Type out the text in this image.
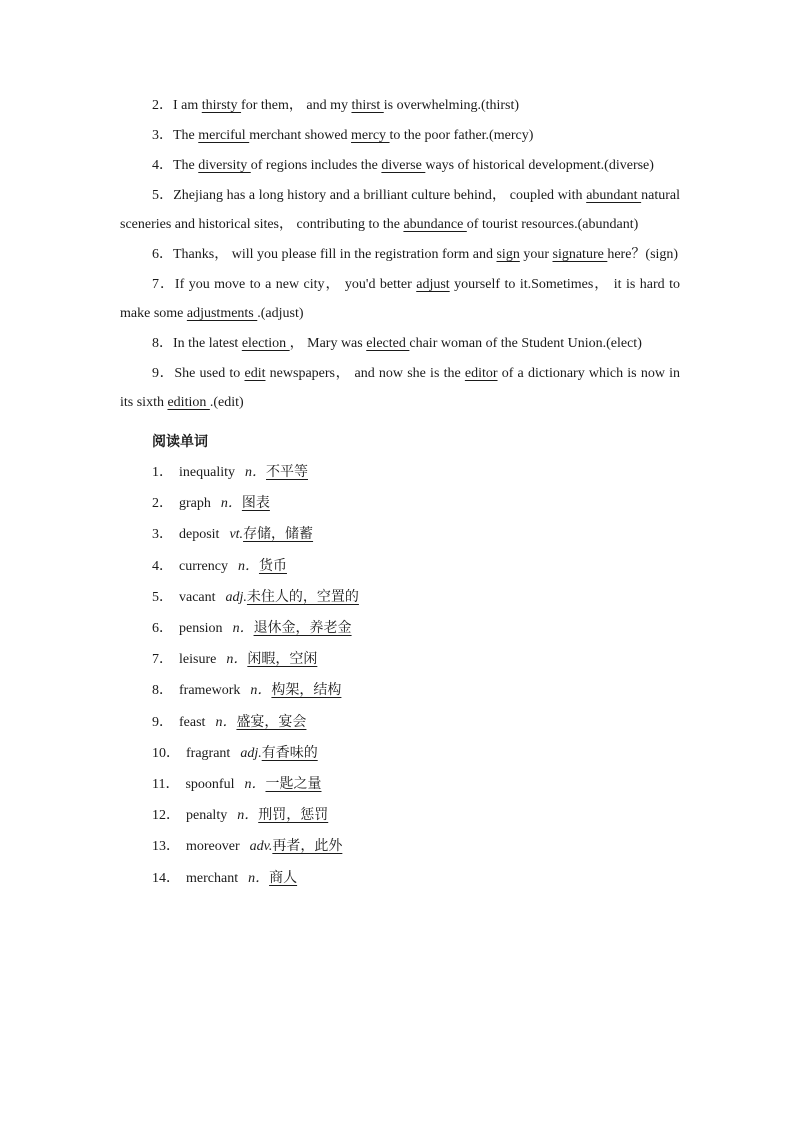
2．I am thirsty for them， and my thirst is overwhelming.(thirst)

3．The merciful merchant showed mercy to the poor father.(mercy)

4．The diversity of regions includes the diverse ways of historical development.(diverse)

5．Zhejiang has a long history and a brilliant culture behind， coupled with abundant natural sceneries and historical sites， contributing to the abundance of tourist resources.(abundant)

6．Thanks， will you please fill in the registration form and sign your signature here？(sign)

7．If you move to a new city， you'd better adjust yourself to it.Sometimes， it is hard to make some adjustments .(adjust)

8．In the latest election ， Mary was elected chair woman of the Student Union.(elect)

9．She used to edit newspapers， and now she is the editor of a dictionary which is now in its sixth edition .(edit)

阅读单词
1． inequality n．不平等
2． graph n．图表
3． deposit vt.存储，储蓄
4． currency n．货币
5． vacant adj.未住人的，空置的
6． pension n．退休金，养老金
7． leisure n．闲暇，空闲
8． framework n．构架，结构
9． feast n．盛宴，宴会
10． fragrant adj.有香味的
11． spoonful n．一匙之量
12． penalty n．刑罚，惩罚
13． moreover adv.再者，此外
14． merchant n．商人
